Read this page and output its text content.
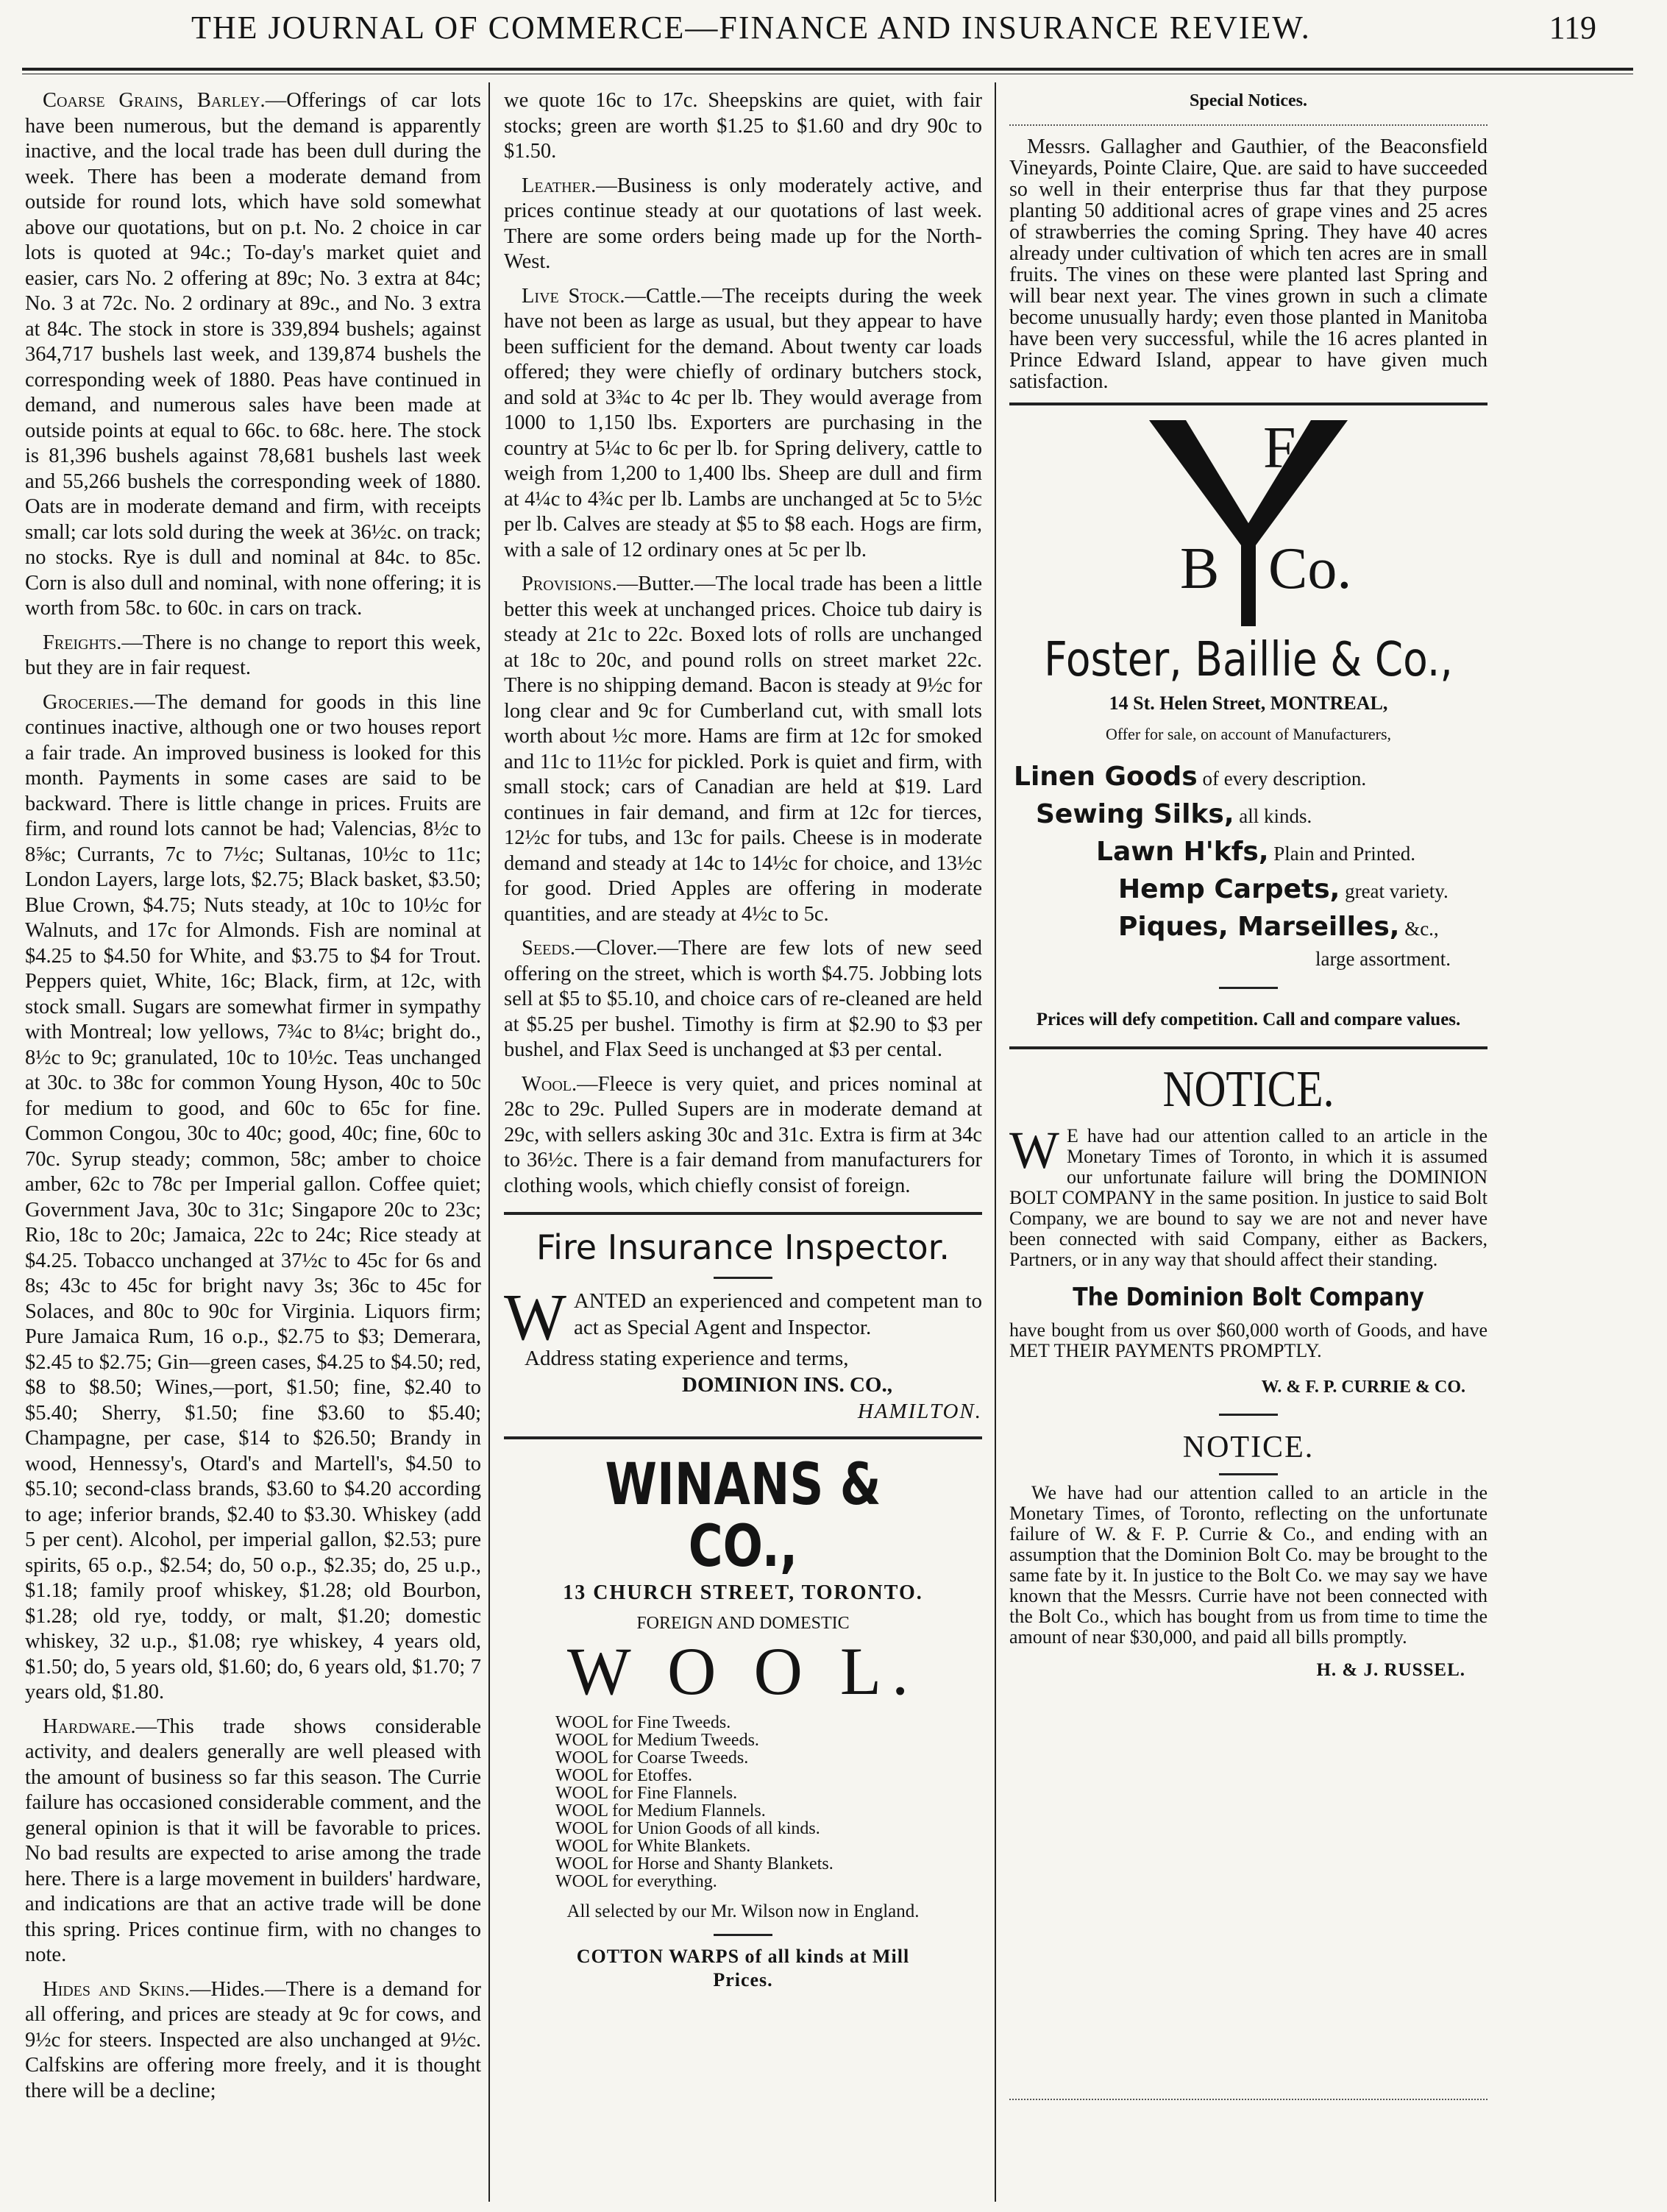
THE JOURNAL OF COMMERCE—FINANCE AND INSURANCE REVIEW.	119

Coarse Grains, Barley.—Offerings of car lots have been numerous, but the demand is apparently inactive, and the local trade has been dull during the week. There has been a moderate demand from outside for round lots, which have sold somewhat above our quotations, but on p.t. No. 2 choice in car lots is quoted at 94c.; To-day's market quiet and easier, cars No. 2 offering at 89c; No. 3 extra at 84c; No. 3 at 72c. No. 2 ordinary at 89c., and No. 3 extra at 84c. The stock in store is 339,894 bushels; against 364,717 bushels last week, and 139,874 bushels the corresponding week of 1880. Peas have continued in demand, and numerous sales have been made at outside points at equal to 66c. to 68c. here. The stock is 81,396 bushels against 78,681 bushels last week and 55,266 bushels the corresponding week of 1880. Oats are in moderate demand and firm, with receipts small; car lots sold during the week at 36½c. on track; no stocks. Rye is dull and nominal at 84c. to 85c. Corn is also dull and nominal, with none offering; it is worth from 58c. to 60c. in cars on track.

Freights.—There is no change to report this week, but they are in fair request.

Groceries.—The demand for goods in this line continues inactive, although one or two houses report a fair trade. An improved business is looked for this month. Payments in some cases are said to be backward. There is little change in prices. Fruits are firm, and round lots cannot be had; Valencias, 8½c to 8⅝c; Currants, 7c to 7½c; Sultanas, 10½c to 11c; London Layers, large lots, $2.75; Black basket, $3.50; Blue Crown, $4.75; Nuts steady, at 10c to 10½c for Walnuts, and 17c for Almonds. Fish are nominal at $4.25 to $4.50 for White, and $3.75 to $4 for Trout. Peppers quiet, White, 16c; Black, firm, at 12c, with stock small. Sugars are somewhat firmer in sympathy with Montreal; low yellows, 7¾c to 8¼c; bright do., 8½c to 9c; granulated, 10c to 10½c. Teas unchanged at 30c. to 38c for common Young Hyson, 40c to 50c for medium to good, and 60c to 65c for fine. Common Congou, 30c to 40c; good, 40c; fine, 60c to 70c. Syrup steady; common, 58c; amber to choice amber, 62c to 78c per Imperial gallon. Coffee quiet; Government Java, 30c to 31c; Singapore 20c to 23c; Rio, 18c to 20c; Jamaica, 22c to 24c; Rice steady at $4.25. Tobacco unchanged at 37½c to 45c for 6s and 8s; 43c to 45c for bright navy 3s; 36c to 45c for Solaces, and 80c to 90c for Virginia. Liquors firm; Pure Jamaica Rum, 16 o.p., $2.75 to $3; Demerara, $2.45 to $2.75; Gin—green cases, $4.25 to $4.50; red, $8 to $8.50; Wines,—port, $1.50; fine, $2.40 to $5.40; Sherry, $1.50; fine $3.60 to $5.40; Champagne, per case, $14 to $26.50; Brandy in wood, Hennessy's, Otard's and Martell's, $4.50 to $5.10; second-class brands, $3.60 to $4.20 according to age; inferior brands, $2.40 to $3.30. Whiskey (add 5 per cent). Alcohol, per imperial gallon, $2.53; pure spirits, 65 o.p., $2.54; do, 50 o.p., $2.35; do, 25 u.p., $1.18; family proof whiskey, $1.28; old Bourbon, $1.28; old rye, toddy, or malt, $1.20; domestic whiskey, 32 u.p., $1.08; rye whiskey, 4 years old, $1.50; do, 5 years old, $1.60; do, 6 years old, $1.70; 7 years old, $1.80.

Hardware.—This trade shows considerable activity, and dealers generally are well pleased with the amount of business so far this season. The Currie failure has occasioned considerable comment, and the general opinion is that it will be favorable to prices. No bad results are expected to arise among the trade here. There is a large movement in builders' hardware, and indications are that an active trade will be done this spring. Prices continue firm, with no changes to note.

Hides and Skins.—Hides.—There is a demand for all offering, and prices are steady at 9c for cows, and 9½c for steers. Inspected are also unchanged at 9½c. Calfskins are offering more freely, and it is thought there will be a decline;

we quote 16c to 17c. Sheepskins are quiet, with fair stocks; green are worth $1.25 to $1.60 and dry 90c to $1.50.

Leather.—Business is only moderately active, and prices continue steady at our quotations of last week. There are some orders being made up for the North-West.

Live Stock.—Cattle.—The receipts during the week have not been as large as usual, but they appear to have been sufficient for the demand. About twenty car loads offered; they were chiefly of ordinary butchers stock, and sold at 3¾c to 4c per lb. They would average from 1000 to 1,150 lbs. Exporters are purchasing in the country at 5¼c to 6c per lb. for Spring delivery, cattle to weigh from 1,200 to 1,400 lbs. Sheep are dull and firm at 4¼c to 4¾c per lb. Lambs are unchanged at 5c to 5½c per lb. Calves are steady at $5 to $8 each. Hogs are firm, with a sale of 12 ordinary ones at 5c per lb.

Provisions.—Butter.—The local trade has been a little better this week at unchanged prices. Choice tub dairy is steady at 21c to 22c. Boxed lots of rolls are unchanged at 18c to 20c, and pound rolls on street market 22c. There is no shipping demand. Bacon is steady at 9½c for long clear and 9c for Cumberland cut, with small lots worth about ½c more. Hams are firm at 12c for smoked and 11c to 11½c for pickled. Pork is quiet and firm, with small stock; cars of Canadian are held at $19. Lard continues in fair demand, and firm at 12c for tierces, 12½c for tubs, and 13c for pails. Cheese is in moderate demand and steady at 14c to 14½c for choice, and 13½c for good. Dried Apples are offering in moderate quantities, and are steady at 4½c to 5c.

Seeds.—Clover.—There are few lots of new seed offering on the street, which is worth $4.75. Jobbing lots sell at $5 to $5.10, and choice cars of re-cleaned are held at $5.25 per bushel. Timothy is firm at $2.90 to $3 per bushel, and Flax Seed is unchanged at $3 per cental.

Wool.—Fleece is very quiet, and prices nominal at 28c to 29c. Pulled Supers are in moderate demand at 29c, with sellers asking 30c and 31c. Extra is firm at 34c to 36½c. There is a fair demand from manufacturers for clothing wools, which chiefly consist of foreign.

Fire Insurance Inspector.
WANTED an experienced and competent man to act as Special Agent and Inspector.
Address stating experience and terms,
DOMINION INS. CO.,
HAMILTON.
WINANS & CO.,
13 CHURCH STREET, TORONTO.
FOREIGN AND DOMESTIC
W O O L.
WOOL for Fine Tweeds.
WOOL for Medium Tweeds.
WOOL for Coarse Tweeds.
WOOL for Etoffes.
WOOL for Fine Flannels.
WOOL for Medium Flannels.
WOOL for Union Goods of all kinds.
WOOL for White Blankets.
WOOL for Horse and Shanty Blankets.
WOOL for everything.
All selected by our Mr. Wilson now in England.
COTTON WARPS of all kinds at Mill Prices.
Special Notices.

Messrs. Gallagher and Gauthier, of the Beaconsfield Vineyards, Pointe Claire, Que. are said to have succeeded so well in their enterprise thus far that they purpose planting 50 additional acres of grape vines and 25 acres of strawberries the coming Spring. They have 40 acres already under cultivation of which ten acres are in small fruits. The vines on these were planted last Spring and will bear next year. The vines grown in such a climate become unusually hardy; even those planted in Manitoba have been very successful, while the 16 acres planted in Prince Edward Island, appear to have given much satisfaction.

F
B Co.
Foster, Baillie & Co.,
14 St. Helen Street, MONTREAL,
Offer for sale, on account of Manufacturers,
Linen Goods of every description.
Sewing Silks, all kinds.
Lawn H'kfs, Plain and Printed.
Hemp Carpets, great variety.
Piques, Marseilles, &c.,
large assortment.
Prices will defy competition. Call and compare values.
NOTICE.
W E have had our attention called to an article in the Monetary Times of Toronto, in which it is assumed our unfortunate failure will bring the DOMINION BOLT COMPANY in the same position. In justice to said Bolt Company, we are bound to say we are not and never have been connected with said Company, either as Backers, Partners, or in any way that should affect their standing.
The Dominion Bolt Company
have bought from us over $60,000 worth of Goods, and have MET THEIR PAYMENTS PROMPTLY.
W. & F. P. CURRIE & CO.
NOTICE.
We have had our attention called to an article in the Monetary Times, of Toronto, reflecting on the unfortunate failure of W. & F. P. Currie & Co., and ending with an assumption that the Dominion Bolt Co. may be brought to the same fate by it. In justice to the Bolt Co. we may say we have known that the Messrs. Currie have not been connected with the Bolt Co., which has bought from us from time to time the amount of near $30,000, and paid all bills promptly.
H. & J. RUSSEL.
